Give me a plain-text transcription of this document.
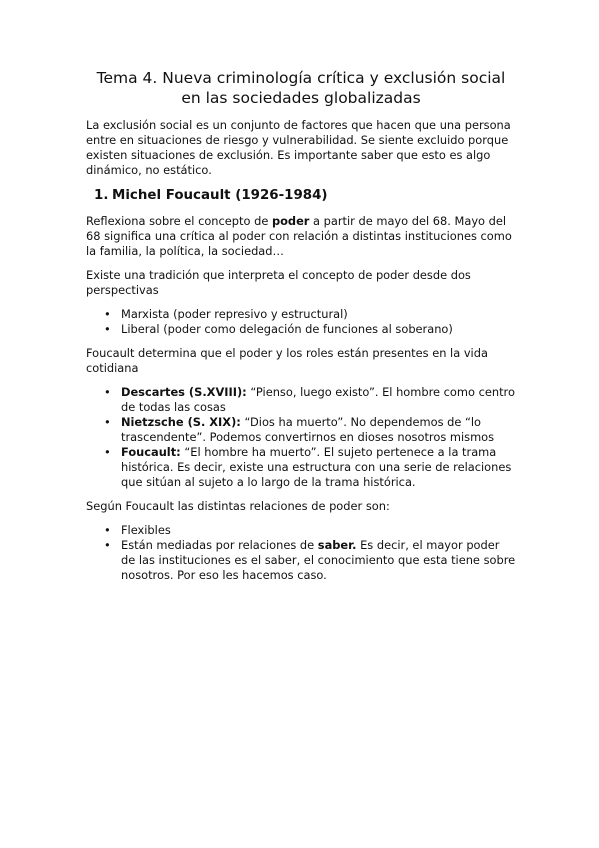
Tema 4. Nueva criminología crítica y exclusión social
en las sociedades globalizadas

La exclusión social es un conjunto de factores que hacen que una persona entre en situaciones de riesgo y vulnerabilidad. Se siente excluido porque existen situaciones de exclusión. Es importante saber que esto es algo dinámico, no estático.

1. Michel Foucault (1926-1984)

Reflexiona sobre el concepto de poder a partir de mayo del 68. Mayo del 68 significa una crítica al poder con relación a distintas instituciones como la familia, la política, la sociedad…

Existe una tradición que interpreta el concepto de poder desde dos perspectivas

• Marxista (poder represivo y estructural)
• Liberal (poder como delegación de funciones al soberano)

Foucault determina que el poder y los roles están presentes en la vida cotidiana

• Descartes (S.XVIII): “Pienso, luego existo”. El hombre como centro de todas las cosas
• Nietzsche (S. XIX): “Dios ha muerto”. No dependemos de “lo trascendente”. Podemos convertirnos en dioses nosotros mismos
• Foucault: “El hombre ha muerto”. El sujeto pertenece a la trama histórica. Es decir, existe una estructura con una serie de relaciones que sitúan al sujeto a lo largo de la trama histórica.

Según Foucault las distintas relaciones de poder son:

• Flexibles
• Están mediadas por relaciones de saber. Es decir, el mayor poder de las instituciones es el saber, el conocimiento que esta tiene sobre nosotros. Por eso les hacemos caso.
